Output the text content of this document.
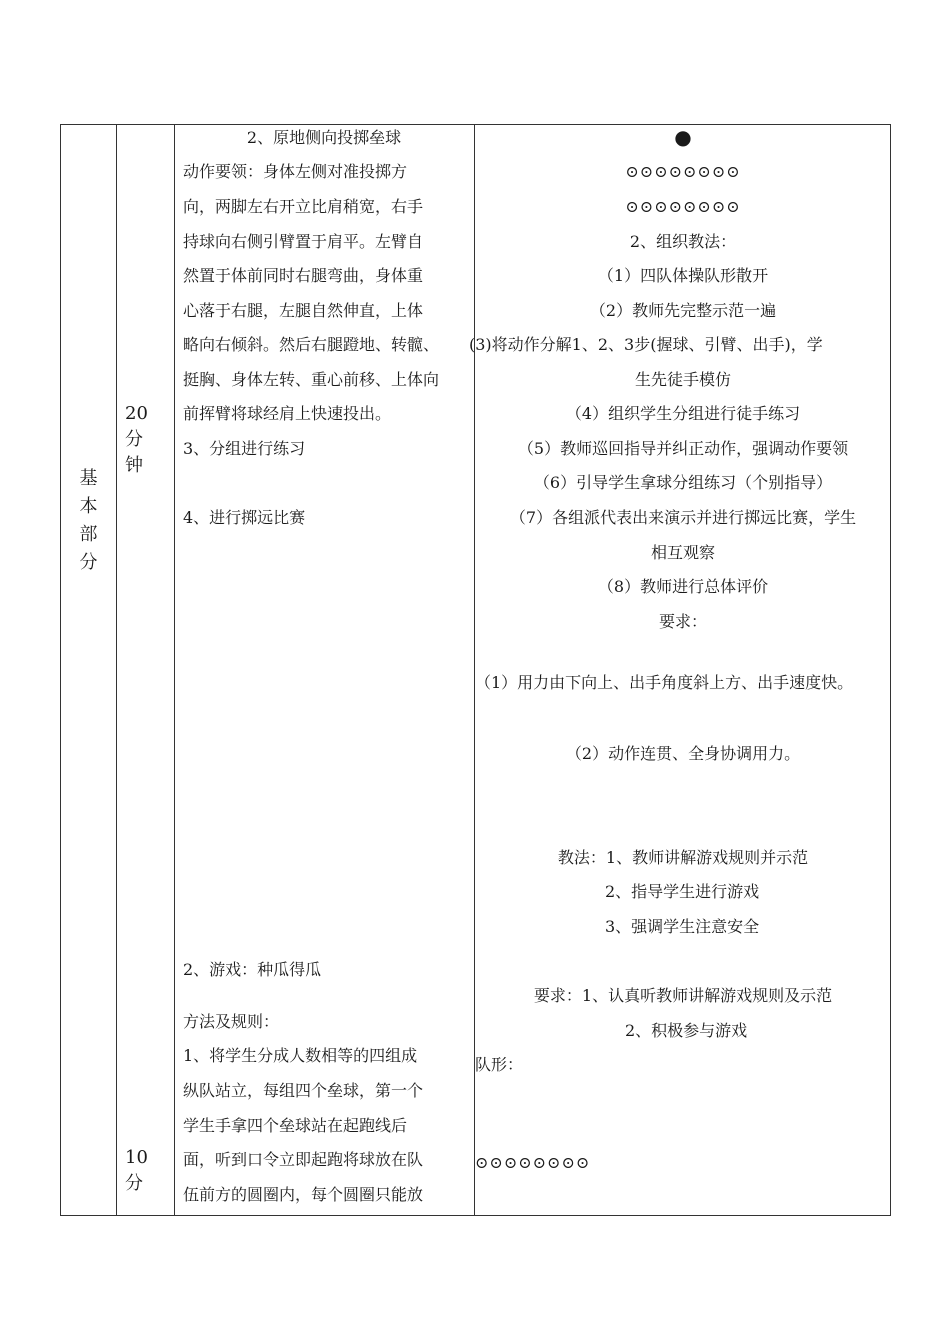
基
本
部
分
20
分
钟
10
分
2、原地侧向投掷垒球
动作要领：身体左侧对准投掷方
向，两脚左右开立比肩稍宽，右手
持球向右侧引臂置于肩平。左臂自
然置于体前同时右腿弯曲，身体重
心落于右腿，左腿自然伸直，上体
略向右倾斜。然后右腿蹬地、转髋、
挺胸、身体左转、重心前移、上体向
前挥臂将球经肩上快速投出。
3、分组进行练习
4、进行掷远比赛
2、游戏：种瓜得瓜
方法及规则：
1、将学生分成人数相等的四组成
纵队站立，每组四个垒球，第一个
学生手拿四个垒球站在起跑线后
面，听到口令立即起跑将球放在队
伍前方的圆圈内，每个圆圈只能放
●
⊙⊙⊙⊙⊙⊙⊙⊙
⊙⊙⊙⊙⊙⊙⊙⊙
2、组织教法：
（1）四队体操队形散开
（2）教师先完整示范一遍
(3)将动作分解1、2、3步(握球、引臂、出手)，学
生先徒手模仿
（4）组织学生分组进行徒手练习
（5）教师巡回指导并纠正动作，强调动作要领
（6）引导学生拿球分组练习（个别指导）
（7）各组派代表出来演示并进行掷远比赛，学生
相互观察
（8）教师进行总体评价
要求：
（1）用力由下向上、出手角度斜上方、出手速度快。
（2）动作连贯、全身协调用力。
教法：1、教师讲解游戏规则并示范
2、指导学生进行游戏
3、强调学生注意安全
要求：1、认真听教师讲解游戏规则及示范
2、积极参与游戏
队形：
⊙⊙⊙⊙⊙⊙⊙⊙
